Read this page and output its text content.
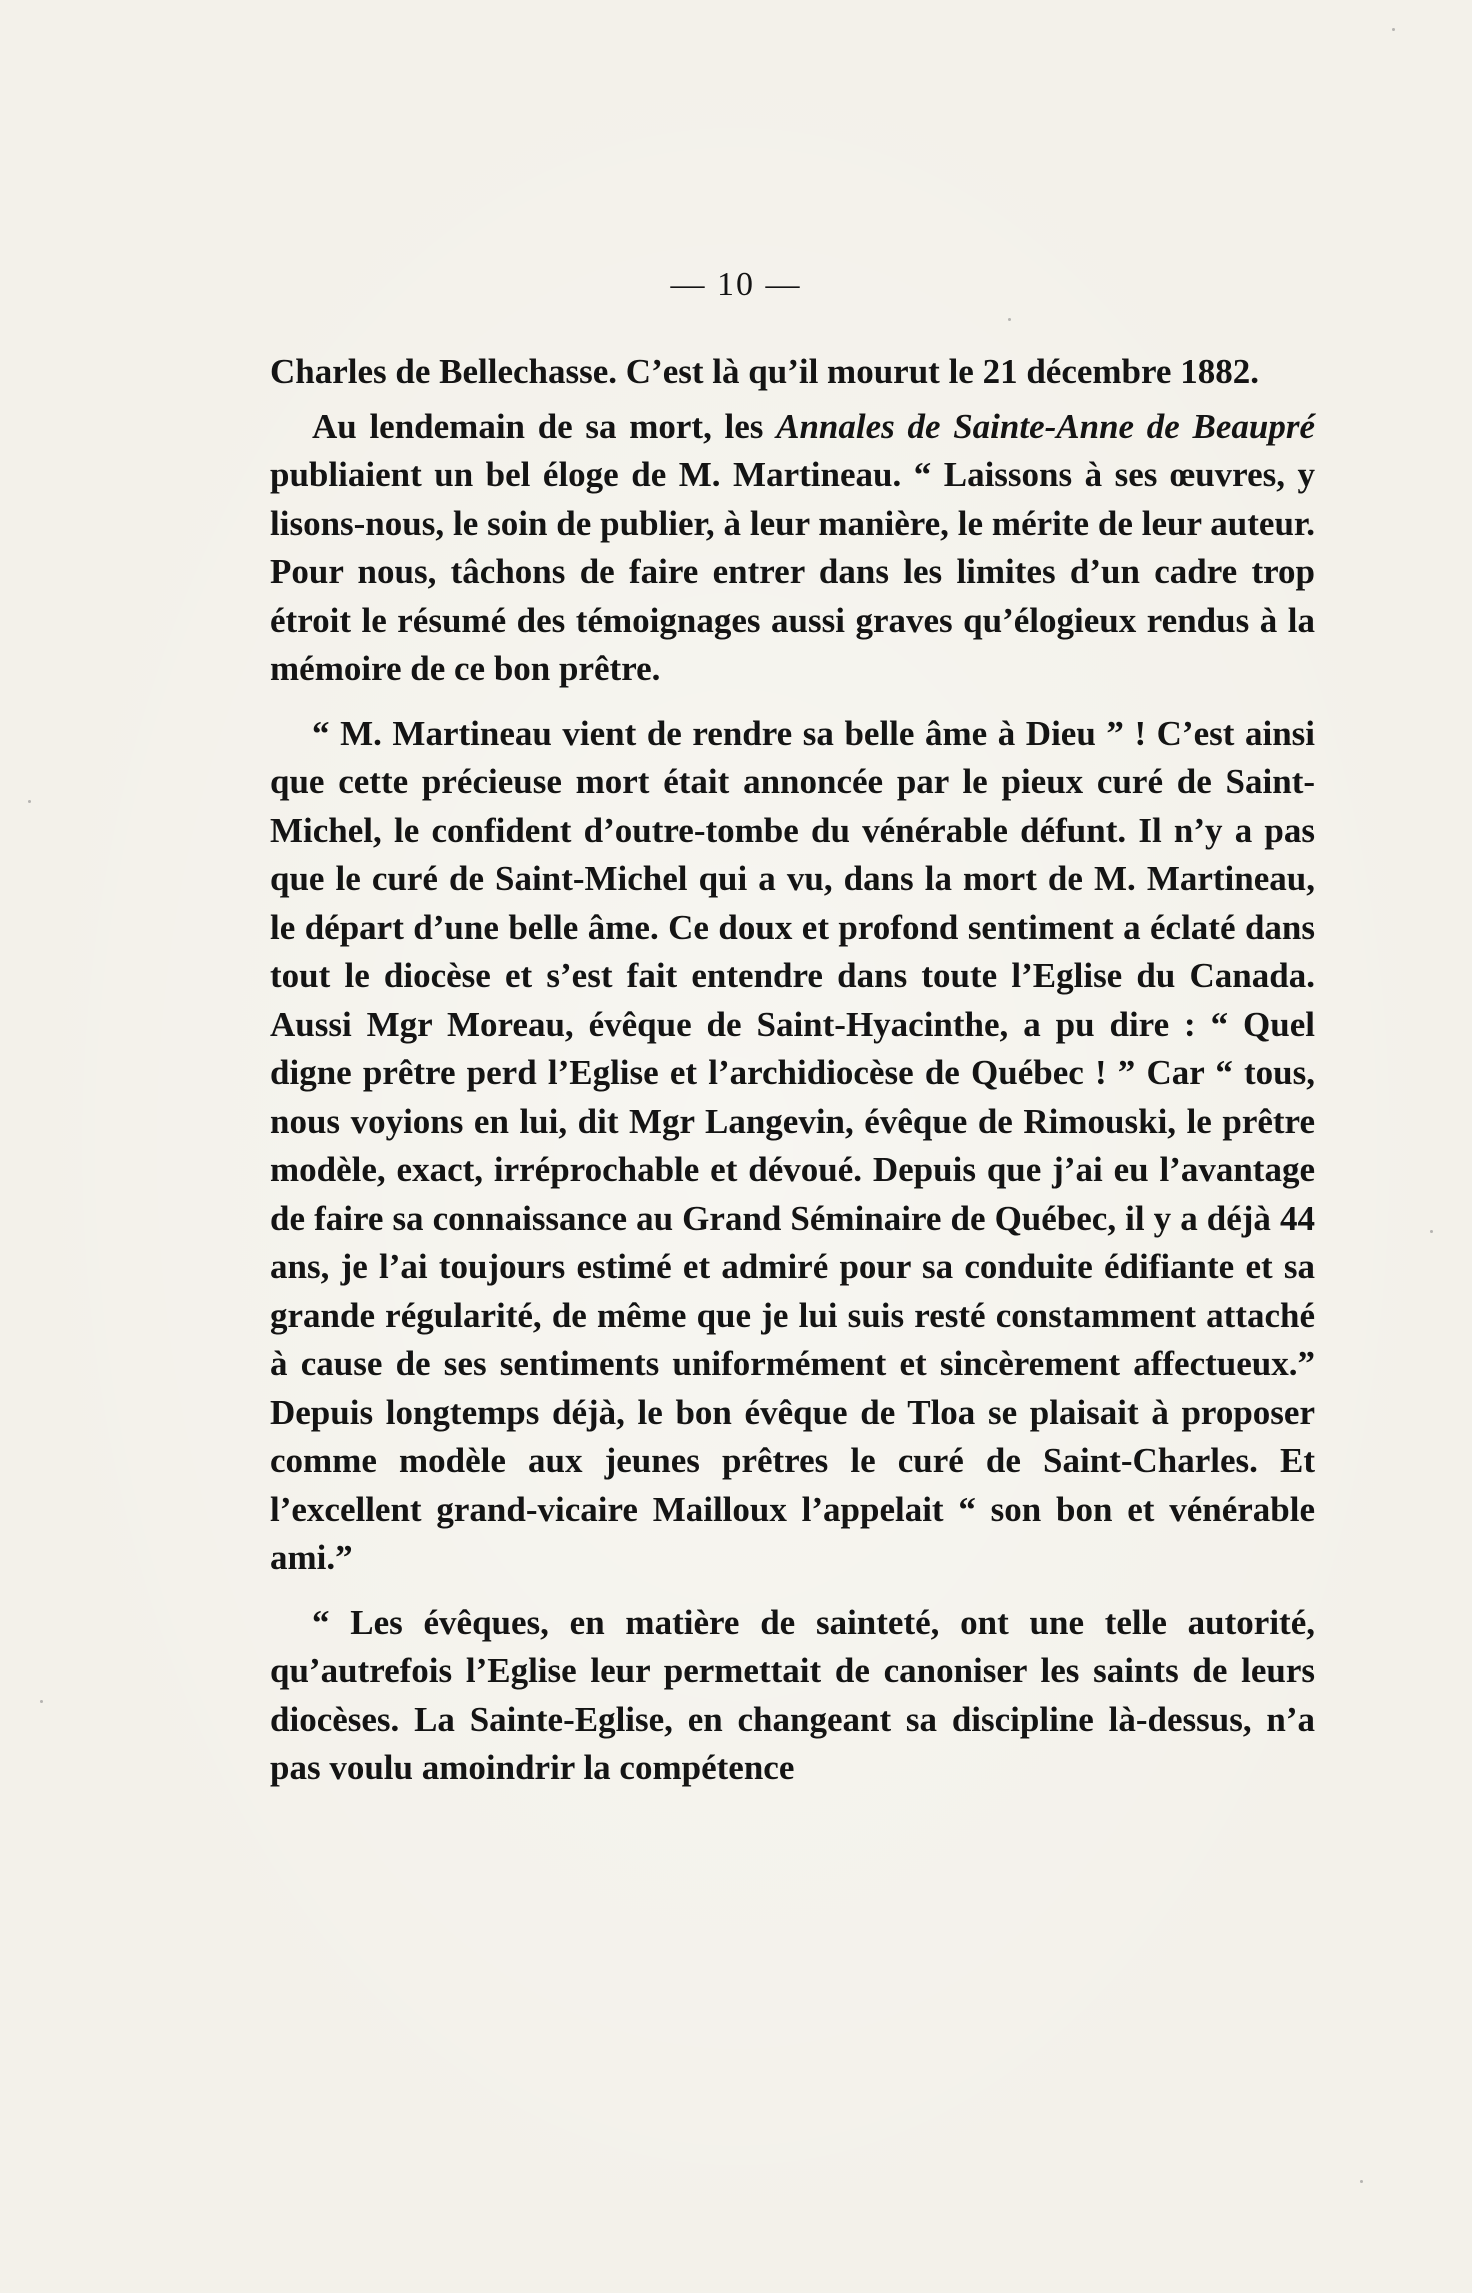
— 10 —

Charles de Bellechasse. C’est là qu’il mourut le 21 décembre 1882.

Au lendemain de sa mort, les Annales de Sainte-Anne de Beaupré publiaient un bel éloge de M. Martineau. “ Laissons à ses œuvres, y lisons-nous, le soin de publier, à leur manière, le mérite de leur auteur. Pour nous, tâchons de faire entrer dans les limites d’un cadre trop étroit le résumé des témoignages aussi graves qu’élogieux rendus à la mémoire de ce bon prêtre.

“ M. Martineau vient de rendre sa belle âme à Dieu ” ! C’est ainsi que cette précieuse mort était annoncée par le pieux curé de Saint-Michel, le confident d’outre-tombe du vénérable défunt. Il n’y a pas que le curé de Saint-Michel qui a vu, dans la mort de M. Martineau, le départ d’une belle âme. Ce doux et profond sentiment a éclaté dans tout le diocèse et s’est fait entendre dans toute l’Eglise du Canada. Aussi Mgr Moreau, évêque de Saint-Hyacinthe, a pu dire : “ Quel digne prêtre perd l’Eglise et l’archidiocèse de Québec ! ” Car “ tous, nous voyions en lui, dit Mgr Langevin, évêque de Rimouski, le prêtre modèle, exact, irréprochable et dévoué. Depuis que j’ai eu l’avantage de faire sa connaissance au Grand Séminaire de Québec, il y a déjà 44 ans, je l’ai toujours estimé et admiré pour sa conduite édifiante et sa grande régularité, de même que je lui suis resté constamment attaché à cause de ses sentiments uniformément et sincèrement affectueux.” Depuis longtemps déjà, le bon évêque de Tloa se plaisait à proposer comme modèle aux jeunes prêtres le curé de Saint-Charles. Et l’excellent grand-vicaire Mailloux l’appelait “ son bon et vénérable ami.”

“ Les évêques, en matière de sainteté, ont une telle autorité, qu’autrefois l’Eglise leur permettait de canoniser les saints de leurs diocèses. La Sainte-Eglise, en changeant sa discipline là-dessus, n’a pas voulu amoindrir la compétence
